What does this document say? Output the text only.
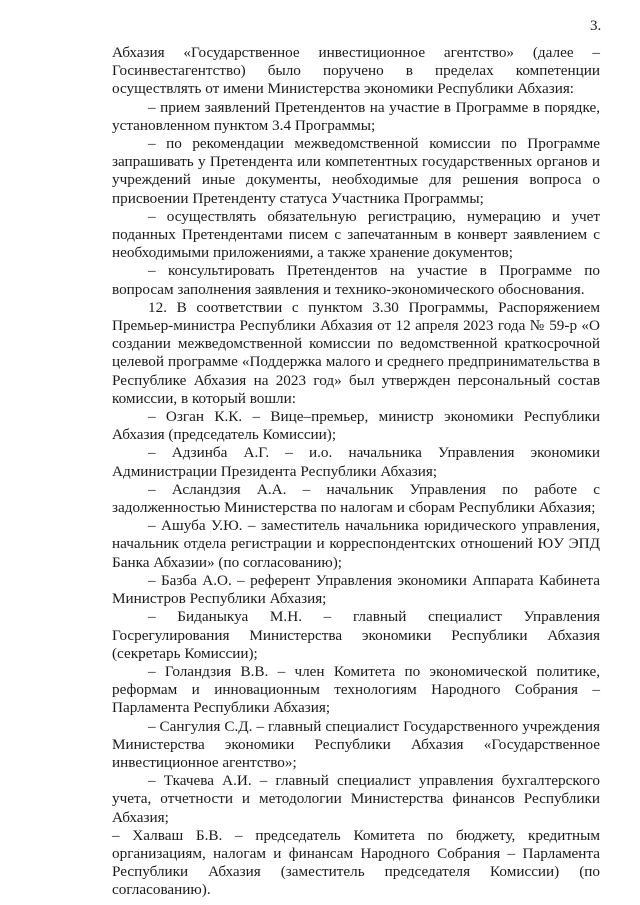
3.

Абхазия «Государственное инвестиционное агентство» (далее – Госинвестагентство) было поручено в пределах компетенции осуществлять от имени Министерства экономики Республики Абхазия:

– прием заявлений Претендентов на участие в Программе в порядке, установленном пунктом 3.4 Программы;

– по рекомендации межведомственной комиссии по Программе запрашивать у Претендента или компетентных государственных органов и учреждений иные документы, необходимые для решения вопроса о присвоении Претенденту статуса Участника Программы;

– осуществлять обязательную регистрацию, нумерацию и учет поданных Претендентами писем с запечатанным в конверт заявлением с необходимыми приложениями, а также хранение документов;

– консультировать Претендентов на участие в Программе по вопросам заполнения заявления и технико-экономического обоснования.

12. В соответствии с пунктом 3.30 Программы, Распоряжением Премьер-министра Республики Абхазия от 12 апреля 2023 года № 59-р «О создании межведомственной комиссии по ведомственной краткосрочной целевой программе «Поддержка малого и среднего предпринимательства в Республике Абхазия на 2023 год» был утвержден персональный состав комиссии, в который вошли:

– Озган К.К. – Вице–премьер, министр экономики Республики Абхазия (председатель Комиссии);

– Адзинба А.Г. – и.о. начальника Управления экономики Администрации Президента Республики Абхазия;

– Асландзия А.А. – начальник Управления по работе с задолженностью Министерства по налогам и сборам Республики Абхазия;

– Ашуба У.Ю. – заместитель начальника юридического управления, начальник отдела регистрации и корреспондентских отношений ЮУ ЭПД Банка Абхазии» (по согласованию);

– Базба А.О. – референт Управления экономики Аппарата Кабинета Министров Республики Абхазия;

– Биданыкуа М.Н. – главный специалист Управления Госрегулирования Министерства экономики Республики Абхазия (секретарь Комиссии);

– Голандзия В.В. – член Комитета по экономической политике, реформам и инновационным технологиям Народного Собрания – Парламента Республики Абхазия;

– Сангулия С.Д. – главный специалист Государственного учреждения Министерства экономики Республики Абхазия «Государственное инвестиционное агентство»;

– Ткачева А.И. – главный специалист управления бухгалтерского учета, отчетности и методологии Министерства финансов Республики Абхазия;

– Халваш Б.В. – председатель Комитета по бюджету, кредитным организациям, налогам и финансам Народного Собрания – Парламента Республики Абхазия (заместитель председателя Комиссии) (по согласованию).
